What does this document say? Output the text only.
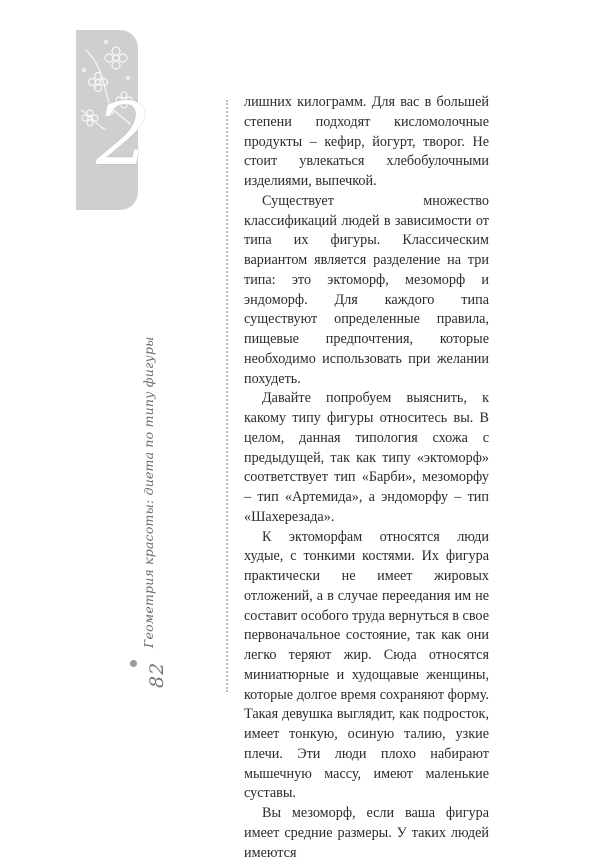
2
Геометрия красоты: диета по типу фигуры
82

лишних килограмм. Для вас в большей степени подходят кисломолочные продукты – кефир, йогурт, творог. Не стоит увлекаться хлебобулочными изделиями, выпечкой.

Существует множество классификаций людей в зависимости от типа их фигуры. Классическим вариантом является разделение на три типа: это эктоморф, мезоморф и эндоморф. Для каждого типа существуют определенные правила, пищевые предпочтения, которые необходимо использовать при желании похудеть.

Давайте попробуем выяснить, к какому типу фигуры относитесь вы. В целом, данная типология схожа с предыдущей, так как типу «эктоморф» соответствует тип «Барби», мезоморфу – тип «Артемида», а эндоморфу – тип «Шахерезада».

К эктоморфам относятся люди худые, с тонкими костями. Их фигура практически не имеет жировых отложений, а в случае переедания им не составит особого труда вернуться в свое первоначальное состояние, так как они легко теряют жир. Сюда относятся миниатюрные и худощавые женщины, которые долгое время сохраняют форму. Такая девушка выглядит, как подросток, имеет тонкую, осиную талию, узкие плечи. Эти люди плохо набирают мышечную массу, имеют маленькие суставы.

Вы мезоморф, если ваша фигура имеет средние размеры. У таких людей имеются
